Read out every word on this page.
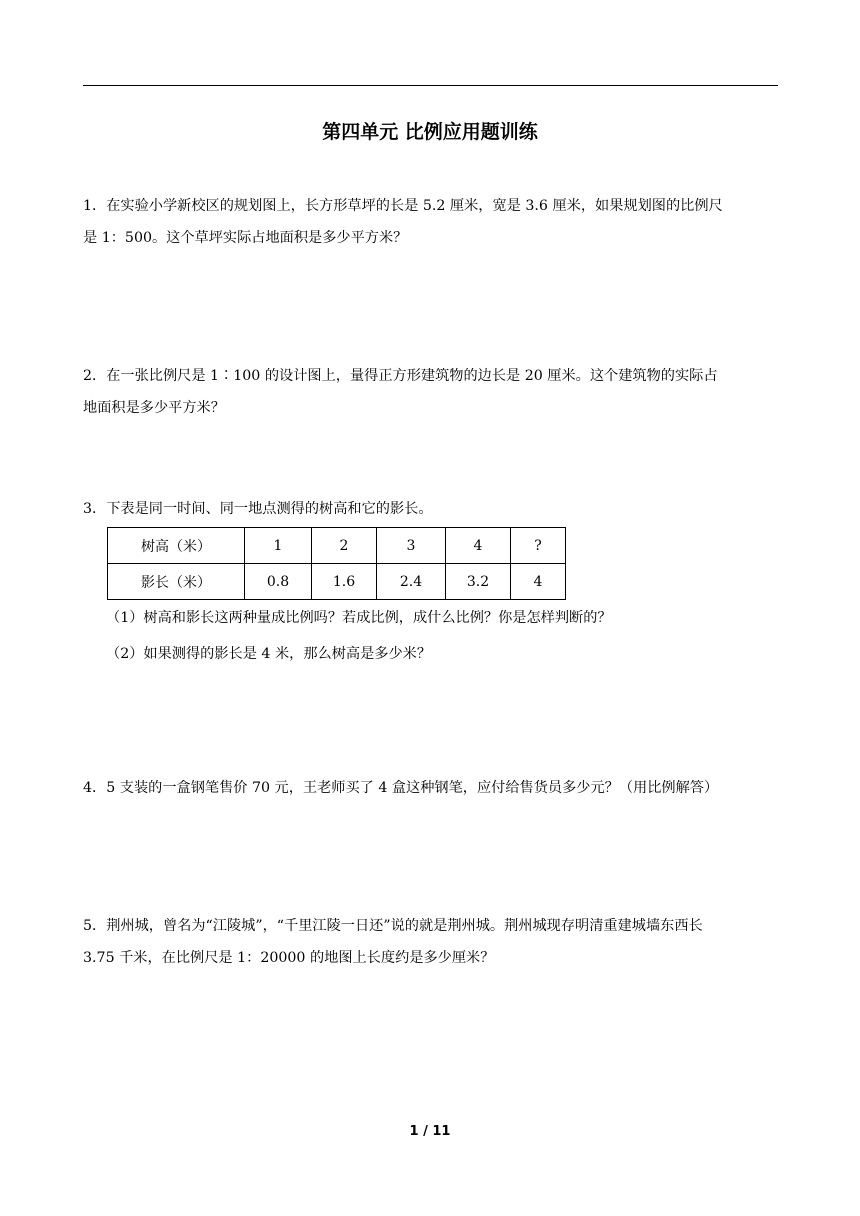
第四单元 比例应用题训练
1．在实验小学新校区的规划图上，长方形草坪的长是 5.2 厘米，宽是 3.6 厘米，如果规划图的比例尺
是 1：500。这个草坪实际占地面积是多少平方米？
2．在一张比例尺是 1∶100 的设计图上，量得正方形建筑物的边长是 20 厘米。这个建筑物的实际占
地面积是多少平方米？
3．下表是同一时间、同一地点测得的树高和它的影长。
树高（米）	1	2	3	4	?
影长（米）	0.8	1.6	2.4	3.2	4
（1）树高和影长这两种量成比例吗？若成比例，成什么比例？你是怎样判断的？
（2）如果测得的影长是 4 米，那么树高是多少米？
4．5 支装的一盒钢笔售价 70 元，王老师买了 4 盒这种钢笔，应付给售货员多少元？（用比例解答）
5．荆州城，曾名为“江陵城”，“千里江陵一日还”说的就是荆州城。荆州城现存明清重建城墙东西长
3.75 千米，在比例尺是 1：20000 的地图上长度约是多少厘米？
1 / 11
